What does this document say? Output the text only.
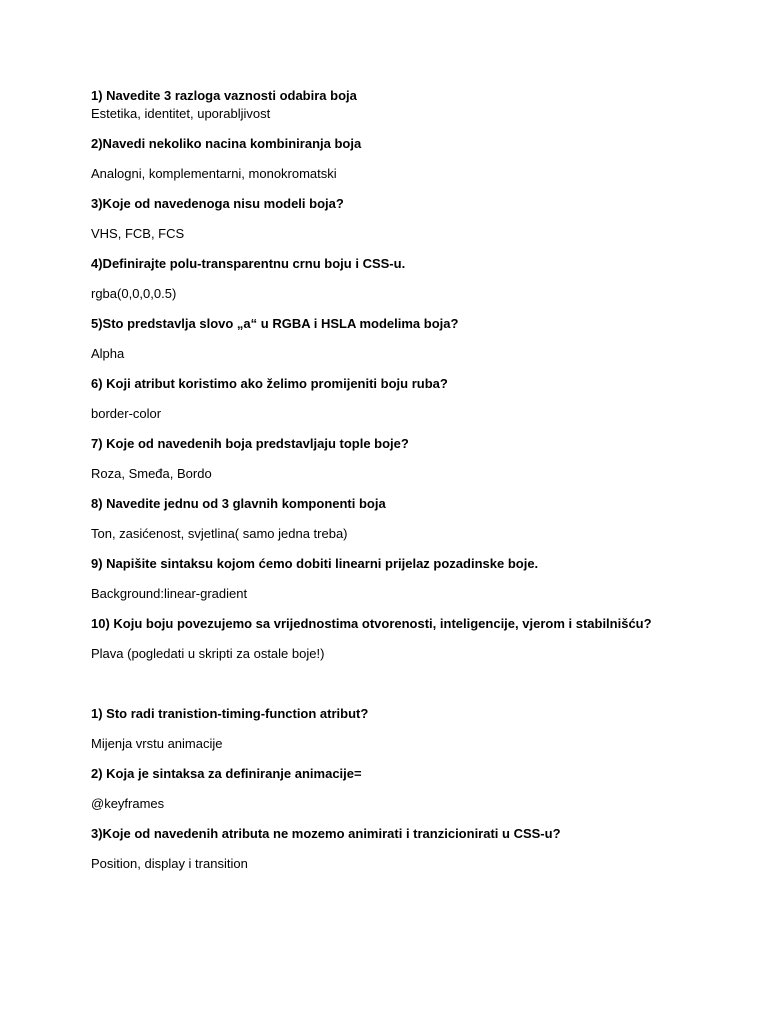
1) Navedite 3 razloga vaznosti odabira boja
Estetika, identitet, uporabljivost
2)Navedi nekoliko nacina kombiniranja boja
Analogni, komplementarni, monokromatski
3)Koje od navedenoga nisu modeli boja?
VHS, FCB, FCS
4)Definirajte polu-transparentnu crnu boju i CSS-u.
rgba(0,0,0,0.5)
5)Sto predstavlja slovo „a“ u RGBA i HSLA modelima boja?
Alpha
6) Koji atribut koristimo ako želimo promijeniti boju ruba?
border-color
7) Koje od navedenih boja predstavljaju tople boje?
Roza, Smeđa, Bordo
8) Navedite jednu od 3 glavnih komponenti boja
Ton, zasićenost, svjetlina( samo jedna treba)
9) Napišite sintaksu kojom ćemo dobiti linearni prijelaz pozadinske boje.
Background:linear-gradient
10) Koju boju povezujemo sa vrijednostima otvorenosti, inteligencije, vjerom i stabilnišću?
Plava (pogledati u skripti za ostale boje!)
1) Sto radi tranistion-timing-function atribut?
Mijenja vrstu animacije
2) Koja je sintaksa za definiranje animacije=
@keyframes
3)Koje od navedenih atributa ne mozemo animirati i tranzicionirati u CSS-u?
Position, display i transition
